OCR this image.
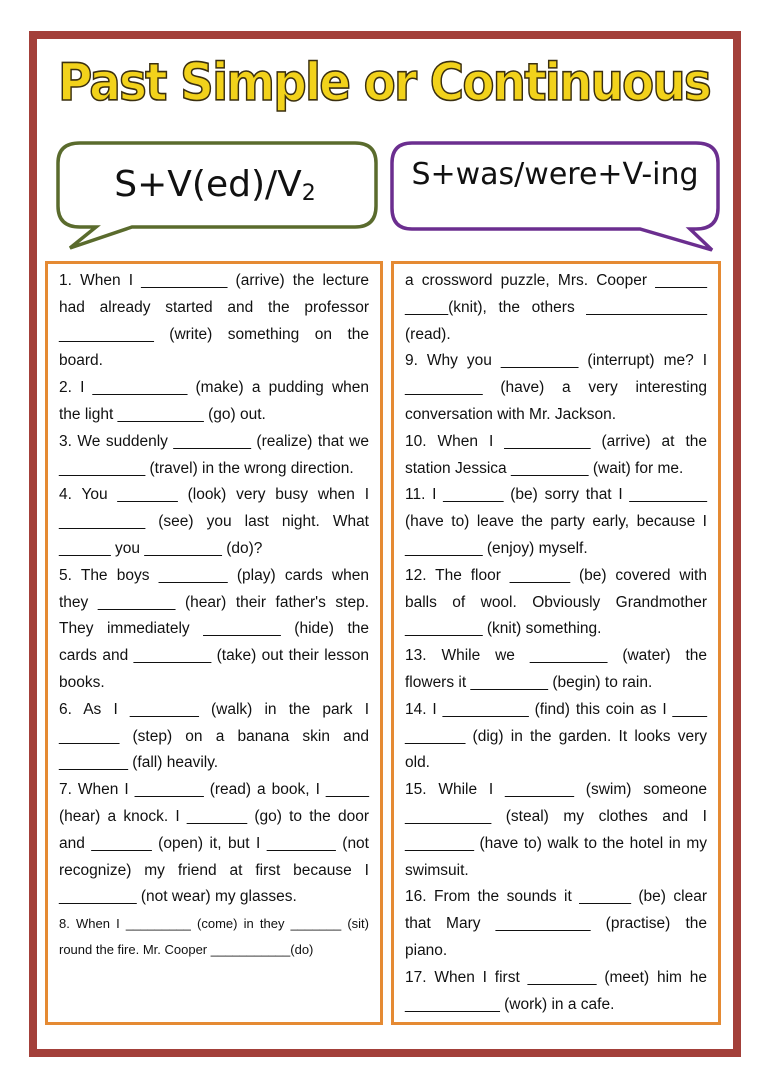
Past Simple or Continuous
$S+V(ed)/V_2$
S+was/were+V-ing

1. When I __________ (arrive) the lecture had already started and the professor ___________ (write) something on the board.

2. I ___________ (make) a pudding when the light __________ (go) out.

3. We suddenly _________ (realize) that we __________ (travel) in the wrong direction.

4. You _______ (look) very busy when I __________ (see) you last night. What ______ you _________ (do)?

5. The boys ________ (play) cards when they _________ (hear) their father's step. They immediately _________ (hide) the cards and _________ (take) out their lesson books.

6. As I ________ (walk) in the park I _______ (step) on a banana skin and ________ (fall) heavily.

7. When I ________ (read) a book, I _____ (hear) a knock. I _______ (go) to the door and _______ (open) it, but I ________ (not recognize) my friend at first because I _________ (not wear) my glasses.

8. When I _________ (come) in they _______ (sit) round the fire. Mr. Cooper ___________(do)

a crossword puzzle, Mrs. Cooper ______ _____(knit), the others ______________ (read).

9. Why you _________ (interrupt) me? I _________ (have) a very interesting conversation with Mr. Jackson.

10. When I __________ (arrive) at the station Jessica _________ (wait) for me.

11. I _______ (be) sorry that I _________ (have to) leave the party early, because I _________ (enjoy) myself.

12. The floor _______ (be) covered with balls of wool. Obviously Grandmother _________ (knit) something.

13. While we _________ (water) the flowers it _________ (begin) to rain.

14. I __________ (find) this coin as I ____ _______ (dig) in the garden. It looks very old.

15. While I ________ (swim) someone __________ (steal) my clothes and I ________ (have to) walk to the hotel in my swimsuit.

16. From the sounds it ______ (be) clear that Mary ___________ (practise) the piano.

17. When I first ________ (meet) him he ___________ (work) in a cafe.
